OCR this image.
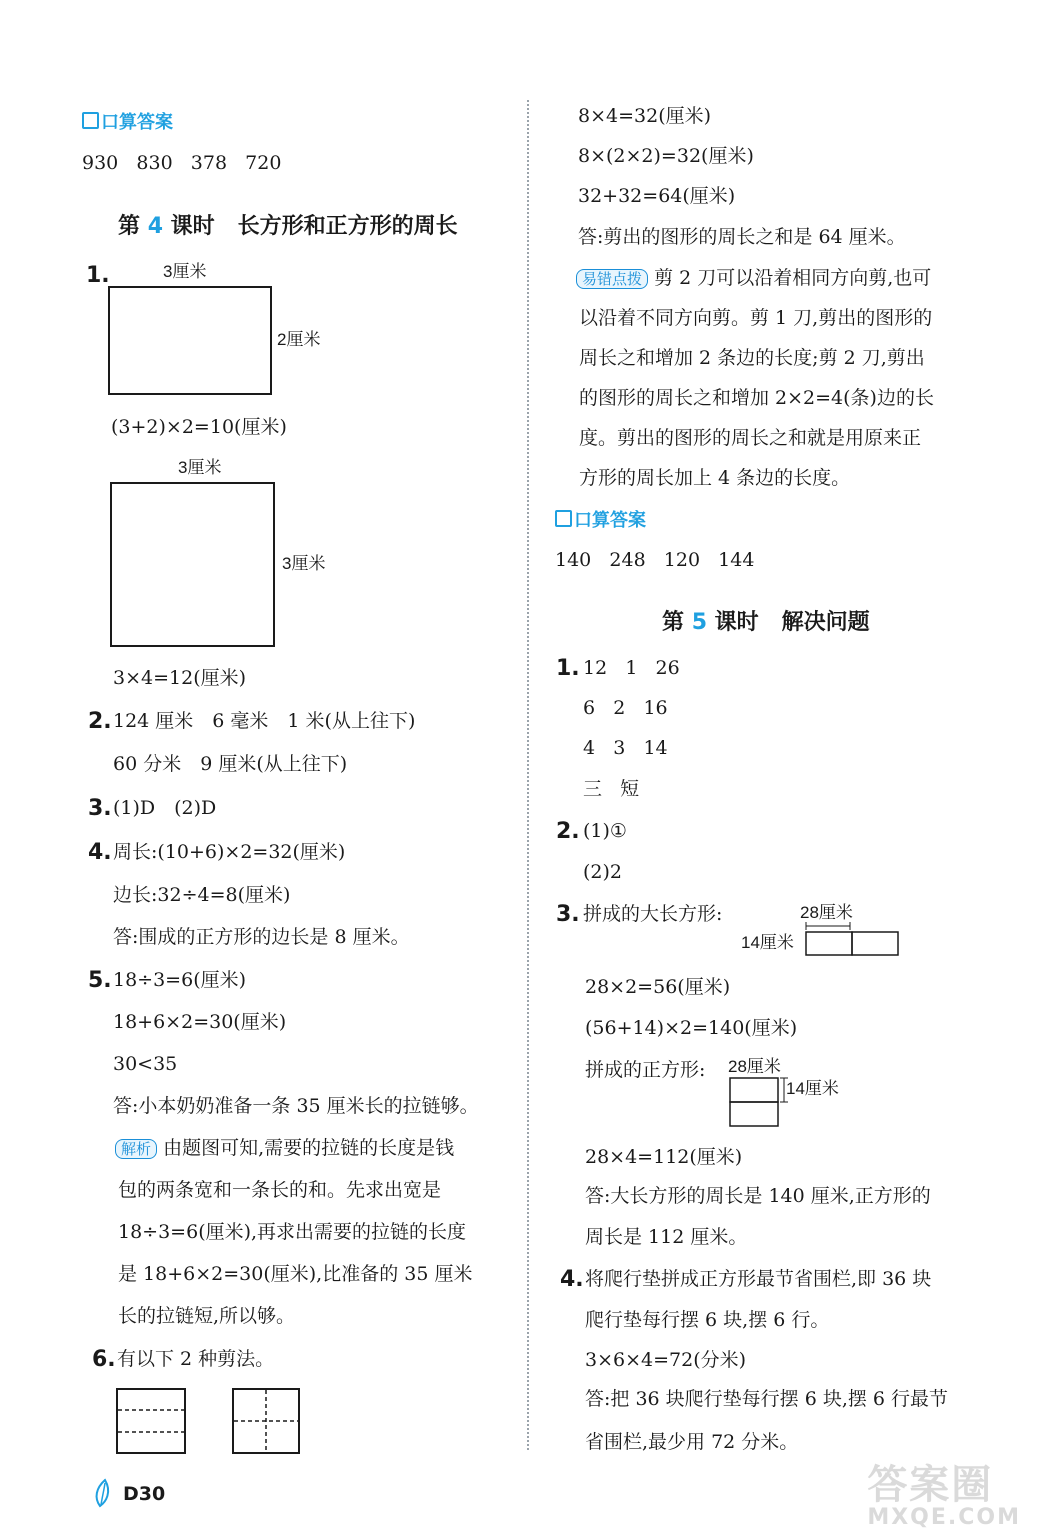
口算答案
930 830 378 720
第 4 课时 长方形和正方形的周长
1.	3厘米
2厘米
(3+2)×2=10(厘米)
3厘米
3厘米
3×4=12(厘米)
2. 124 厘米　6 毫米　1 米(从上往下)
60 分米　9 厘米(从上往下)
3. (1)D　(2)D
4. 周长:(10+6)×2=32(厘米)
边长:32÷4=8(厘米)
答:围成的正方形的边长是 8 厘米。
5. 18÷3=6(厘米)
18+6×2=30(厘米)
30<35
答:小本奶奶准备一条 35 厘米长的拉链够。
解析 由题图可知,需要的拉链的长度是钱
包的两条宽和一条长的和。先求出宽是
18÷3=6(厘米),再求出需要的拉链的长度
是 18+6×2=30(厘米),比准备的 35 厘米
长的拉链短,所以够。
6. 有以下 2 种剪法。
D30
8×4=32(厘米)
8×(2×2)=32(厘米)
32+32=64(厘米)
答:剪出的图形的周长之和是 64 厘米。
易错点拨 剪 2 刀可以沿着相同方向剪,也可
以沿着不同方向剪。剪 1 刀,剪出的图形的
周长之和增加 2 条边的长度;剪 2 刀,剪出
的图形的周长之和增加 2×2=4(条)边的长
度。剪出的图形的周长之和就是用原来正
方形的周长加上 4 条边的长度。
口算答案
140 248 120 144
第 5 课时 解决问题
1. 12 1 26
6 2 16
4 3 14
三 短
2. (1)①
(2)2
3. 拼成的大长方形:	28厘米
14厘米
28×2=56(厘米)
(56+14)×2=140(厘米)
拼成的正方形: 28厘米
14厘米
28×4=112(厘米)
答:大长方形的周长是 140 厘米,正方形的
周长是 112 厘米。
4. 将爬行垫拼成正方形最节省围栏,即 36 块
爬行垫每行摆 6 块,摆 6 行。
3×6×4=72(分米)
答:把 36 块爬行垫每行摆 6 块,摆 6 行最节
省围栏,最少用 72 分米。
答案圈
MXQE.COM
